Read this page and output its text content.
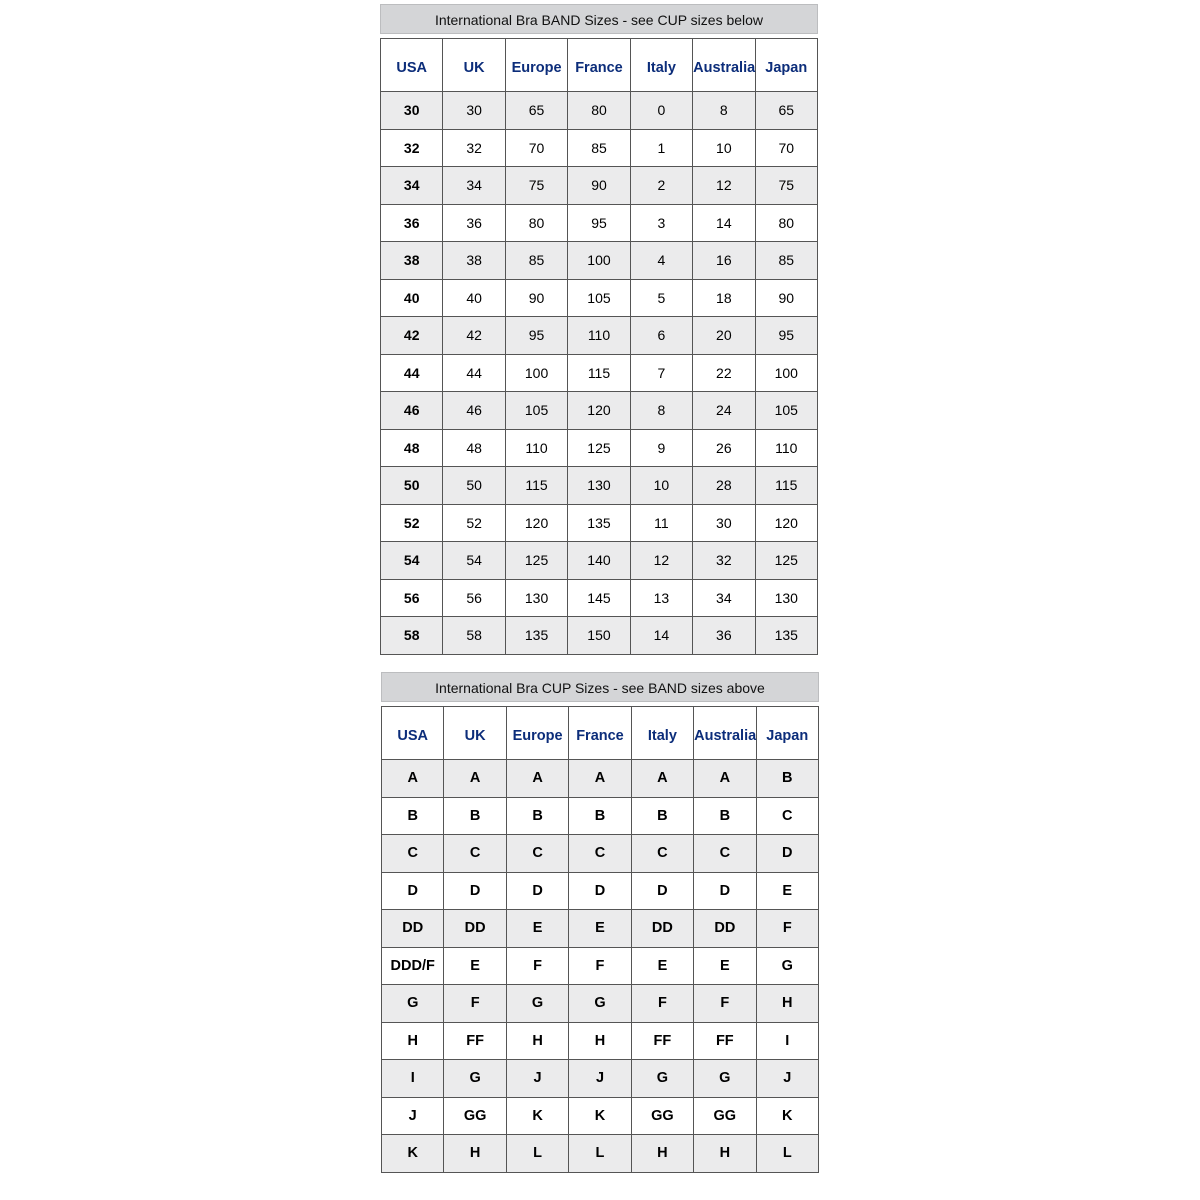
International Bra BAND Sizes - see CUP sizes below
USA	UK	Europe	France	Italy	Australia	Japan
30	30	65	80	0	8	65
32	32	70	85	1	10	70
34	34	75	90	2	12	75
36	36	80	95	3	14	80
38	38	85	100	4	16	85
40	40	90	105	5	18	90
42	42	95	110	6	20	95
44	44	100	115	7	22	100
46	46	105	120	8	24	105
48	48	110	125	9	26	110
50	50	115	130	10	28	115
52	52	120	135	11	30	120
54	54	125	140	12	32	125
56	56	130	145	13	34	130
58	58	135	150	14	36	135
International Bra CUP Sizes - see BAND sizes above
USA	UK	Europe	France	Italy	Australia	Japan
A	A	A	A	A	A	B
B	B	B	B	B	B	C
C	C	C	C	C	C	D
D	D	D	D	D	D	E
DD	DD	E	E	DD	DD	F
DDD/F	E	F	F	E	E	G
G	F	G	G	F	F	H
H	FF	H	H	FF	FF	I
I	G	J	J	G	G	J
J	GG	K	K	GG	GG	K
K	H	L	L	H	H	L
